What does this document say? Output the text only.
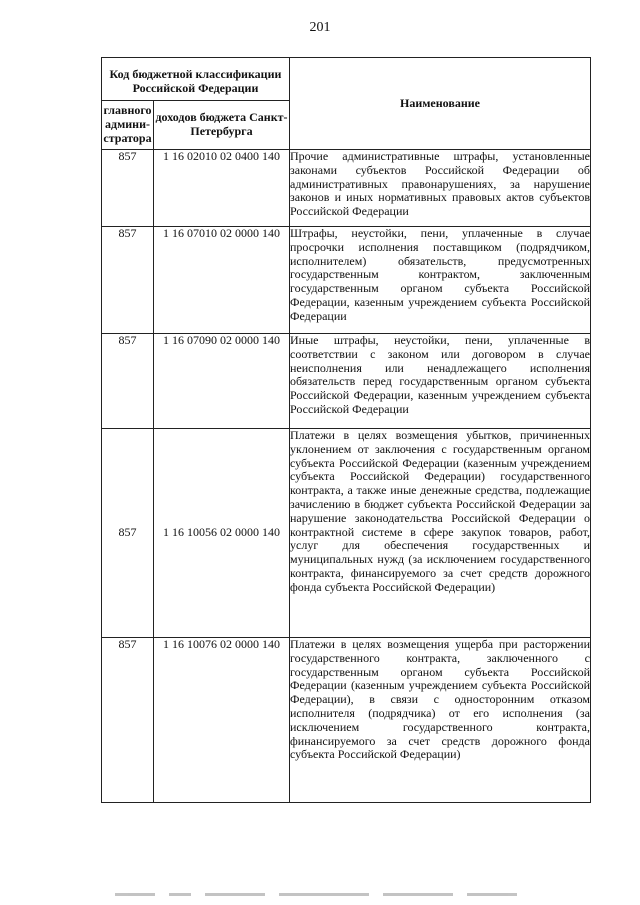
201
Код бюджетной классификации Российской Федерации		Наименование
главного админи-стратора	доходов бюджета Санкт-Петербурга	
857	1 16 02010 02 0400 140	Прочие административные штрафы, установленные законами субъектов Российской Федерации об административных правонарушениях, за нарушение законов и иных нормативных правовых актов субъектов Российской Федерации
857	1 16 07010 02 0000 140	Штрафы, неустойки, пени, уплаченные в случае просрочки исполнения поставщиком (подрядчиком, исполнителем) обязательств, предусмотренных государственным контрактом, заключенным государственным органом субъекта Российской Федерации, казенным учреждением субъекта Российской Федерации
857	1 16 07090 02 0000 140	Иные штрафы, неустойки, пени, уплаченные в соответствии с законом или договором в случае неисполнения или ненадлежащего исполнения обязательств перед государственным органом субъекта Российской Федерации, казенным учреждением субъекта Российской Федерации
857	1 16 10056 02 0000 140	Платежи в целях возмещения убытков, причиненных уклонением от заключения с государственным органом субъекта Российской Федерации (казенным учреждением субъекта Российской Федерации) государственного контракта, а также иные денежные средства, подлежащие зачислению в бюджет субъекта Российской Федерации за нарушение законодательства Российской Федерации о контрактной системе в сфере закупок товаров, работ, услуг для обеспечения государственных и муниципальных нужд (за исключением государственного контракта, финансируемого за счет средств дорожного фонда субъекта Российской Федерации)
857	1 16 10076 02 0000 140	Платежи в целях возмещения ущерба при расторжении государственного контракта, заключенного с государственным органом субъекта Российской Федерации (казенным учреждением субъекта Российской Федерации), в связи с односторонним отказом исполнителя (подрядчика) от его исполнения (за исключением государственного контракта, финансируемого за счет средств дорожного фонда субъекта Российской Федерации)
